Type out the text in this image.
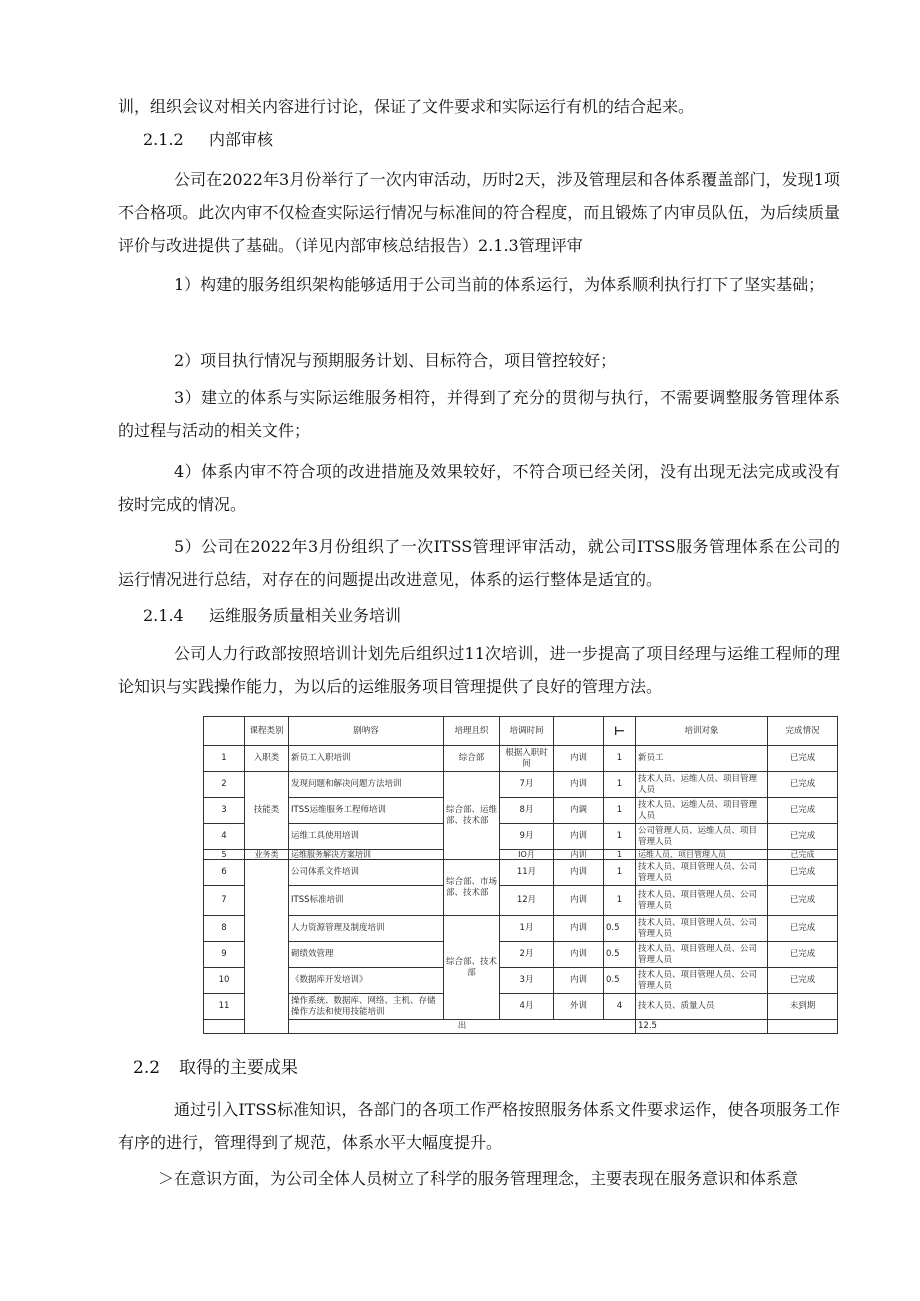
训，组织会议对相关内容进行讨论，保证了文件要求和实际运行有机的结合起来。

2.1.2 内部审核

公司在2022年3月份举行了一次内审活动，历时2天，涉及管理层和各体系覆盖部门，发现1项不合格项。此次内审不仅检查实际运行情况与标准间的符合程度，而且锻炼了内审员队伍，为后续质量评价与改进提供了基础。（详见内部审核总结报告）2.1.3管理评审

1）构建的服务组织架构能够适用于公司当前的体系运行，为体系顺利执行打下了坚实基础；

2）项目执行情况与预期服务计划、目标符合，项目管控较好；

3）建立的体系与实际运维服务相符，并得到了充分的贯彻与执行，不需要调整服务管理体系的过程与活动的相关文件；

4）体系内审不符合项的改进措施及效果较好，不符合项已经关闭，没有出现无法完成或没有按时完成的情况。

5）公司在2022年3月份组织了一次ITSS管理评审活动，就公司ITSS服务管理体系在公司的运行情况进行总结，对存在的问题提出改进意见，体系的运行整体是适宜的。

2.1.4 运维服务质量相关业务培训

公司人力行政部按照培训计划先后组织过11次培训，进一步提高了项目经理与运维工程师的理论知识与实践操作能力，为以后的运维服务项目管理提供了良好的管理方法。

	课程类别	剧呐容	培理且织	培调时间		⊢	培训对象	完成情况	
1	入职类	新员工入职培训	综合部	根据入职时间	内训	1	新员工	已完成	
2	技能类	发现问题和解决问题方法培训	综合部、运维部、技术部	7月	内训	1	技术人员、运维人员、项目管理人员	已完成	
3		ITSS运维服务工程师培训		8月	内调	1	技术人员、运维人员、项目管理人员	已完成	
4		运维工具使用培训		9月	内训	1	公司管理人员、运维人员、项目管理人员	已完成	
5	业务类	运维服务解决方案培训		IO月	内训	1	运维人员、项目管理人员	已完成	
6		公司体系文件培训	综合部、市场部、技术部	11月	内训	1	技术人员、项目管理人员、公司管理人员	已完成	
7		ITSS标准培训		12月	内训	1	技术人员、项目管理人员、公司管理人员	已完成	
8		人力资源管理及制度培训	综合部、技术部	1月	内训	0.5	技术人员、项目管理人员、公司管理人员	已完成	
9		砌绩效管理		2月	内训	0.5	技术人员、项目管理人员、公司管理人员	已完成	
10		《数据库开发培训》		3月	内训	0.5	技术人员、项目管理人员、公司管理人员	已完成	
11		操作系统、数据库、网络、主机、存储操作方法和使用技能培训		4月	外训	4	技术人员、质量人员	未到期	
		出					12.5		

2.2 取得的主要成果

通过引入ITSS标准知识，各部门的各项工作严格按照服务体系文件要求运作，使各项服务工作有序的进行，管理得到了规范，体系水平大幅度提升。

＞在意识方面，为公司全体人员树立了科学的服务管理理念，主要表现在服务意识和体系意
